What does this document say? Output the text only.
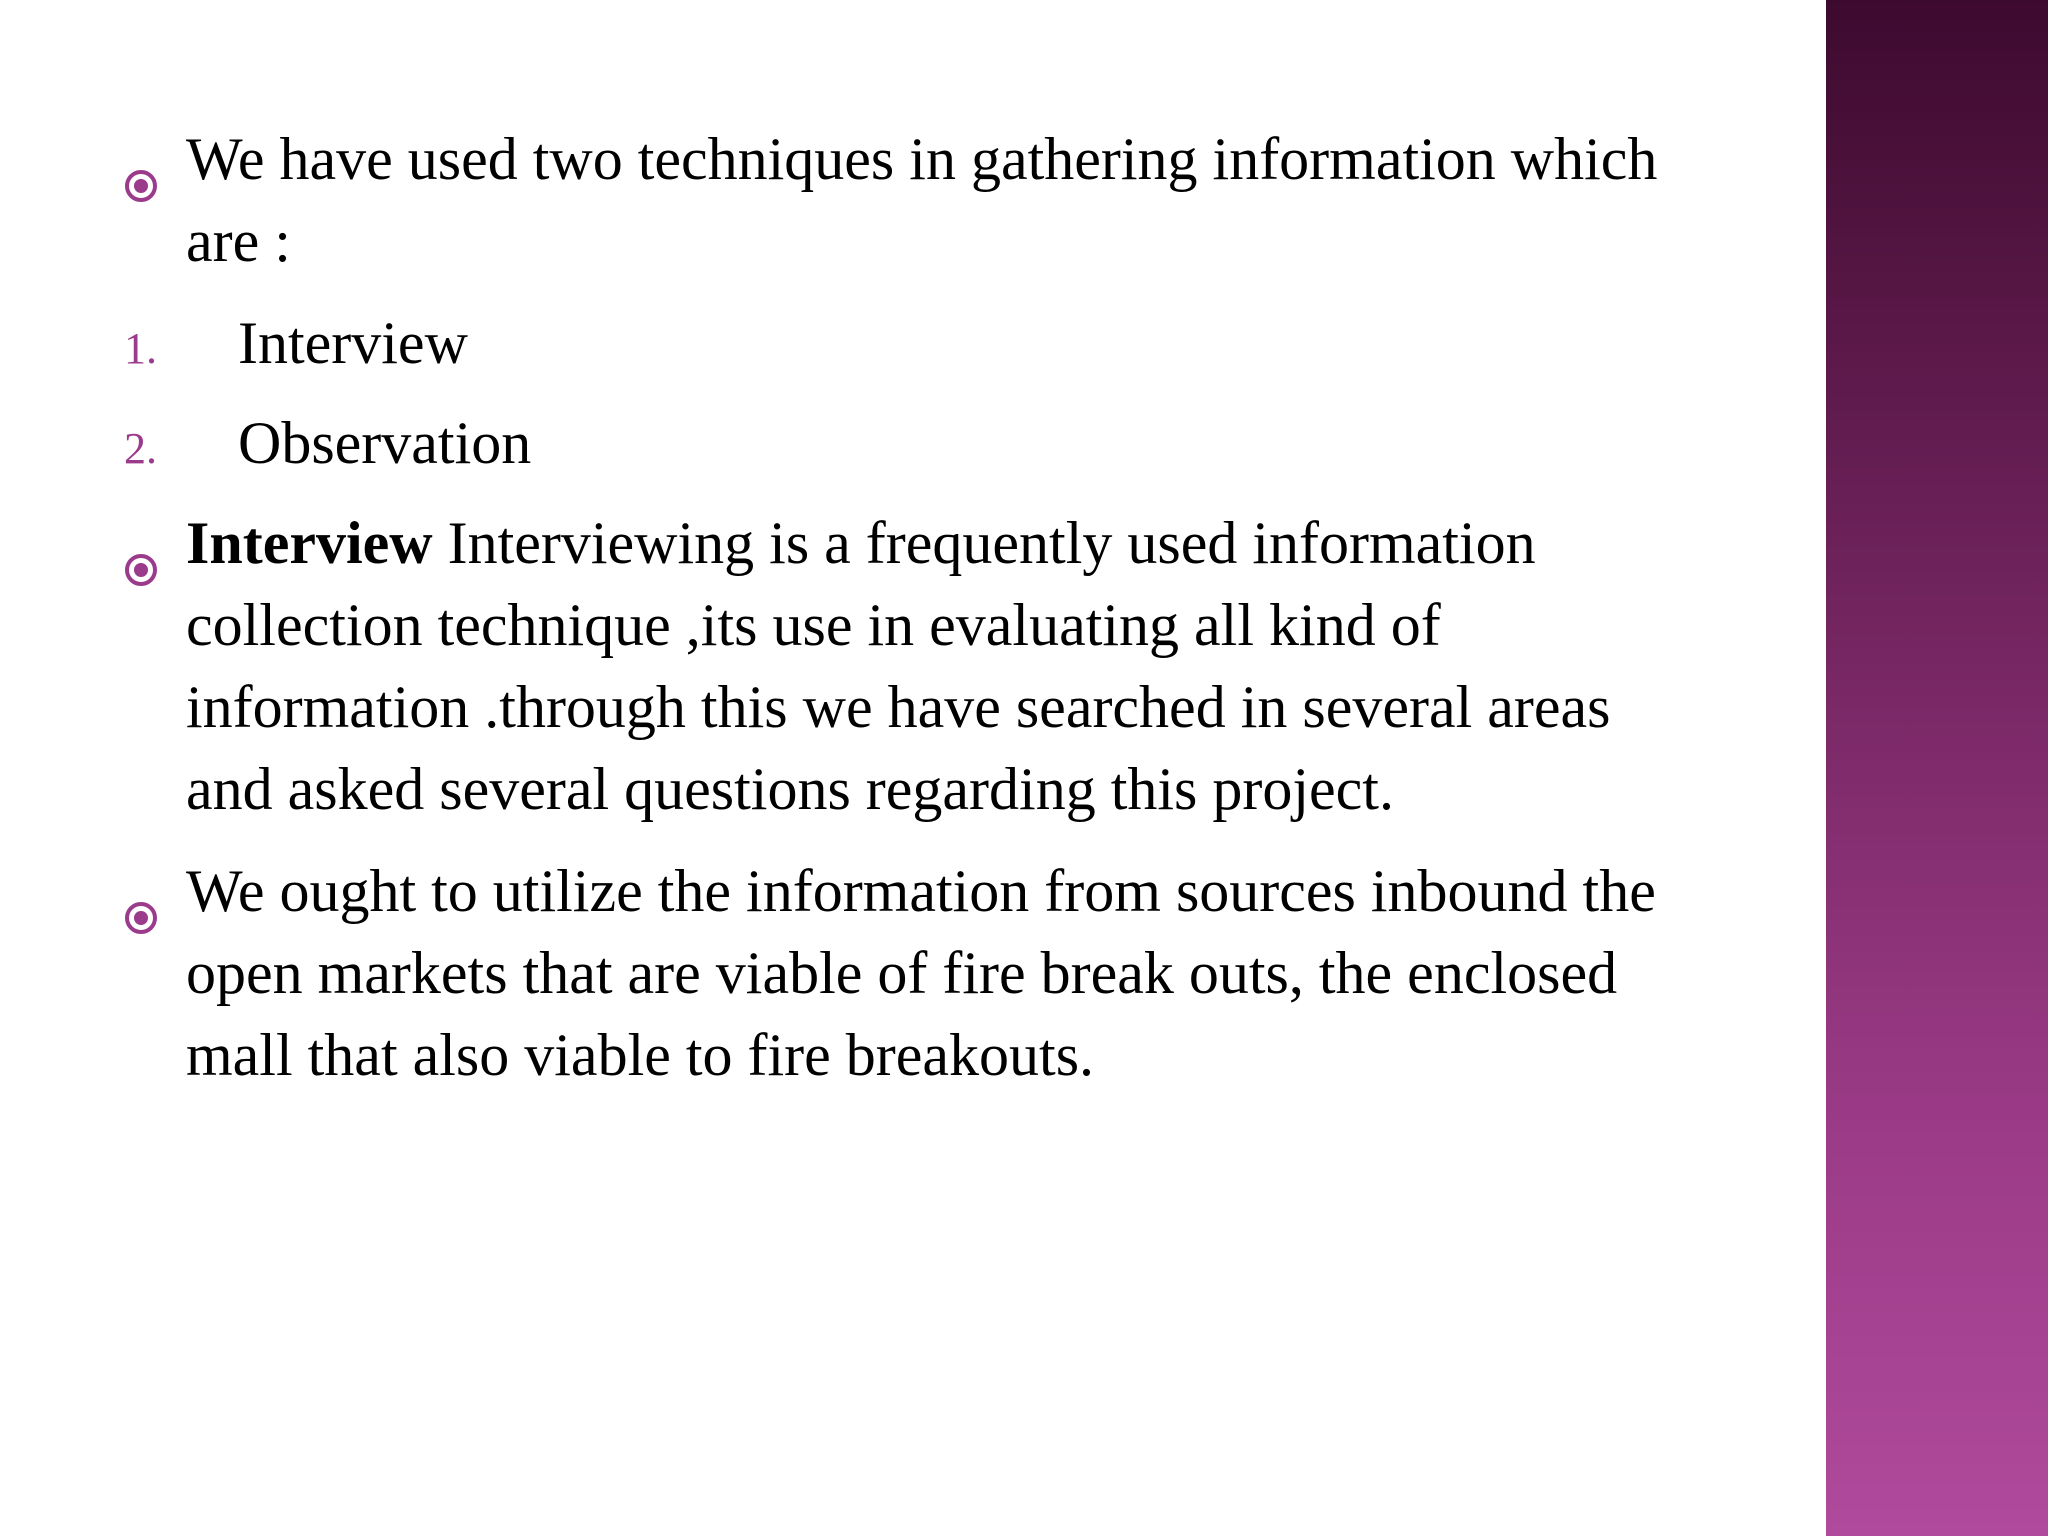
We have used two techniques in gathering information which are :
1. Interview
2. Observation
Interview Interviewing is a frequently used information collection technique ,its use in evaluating all kind of information .through this we have searched in several areas and asked several questions regarding this project.
We ought to utilize the information from sources inbound the open markets that are viable of fire break outs, the enclosed mall that also viable to fire breakouts.
